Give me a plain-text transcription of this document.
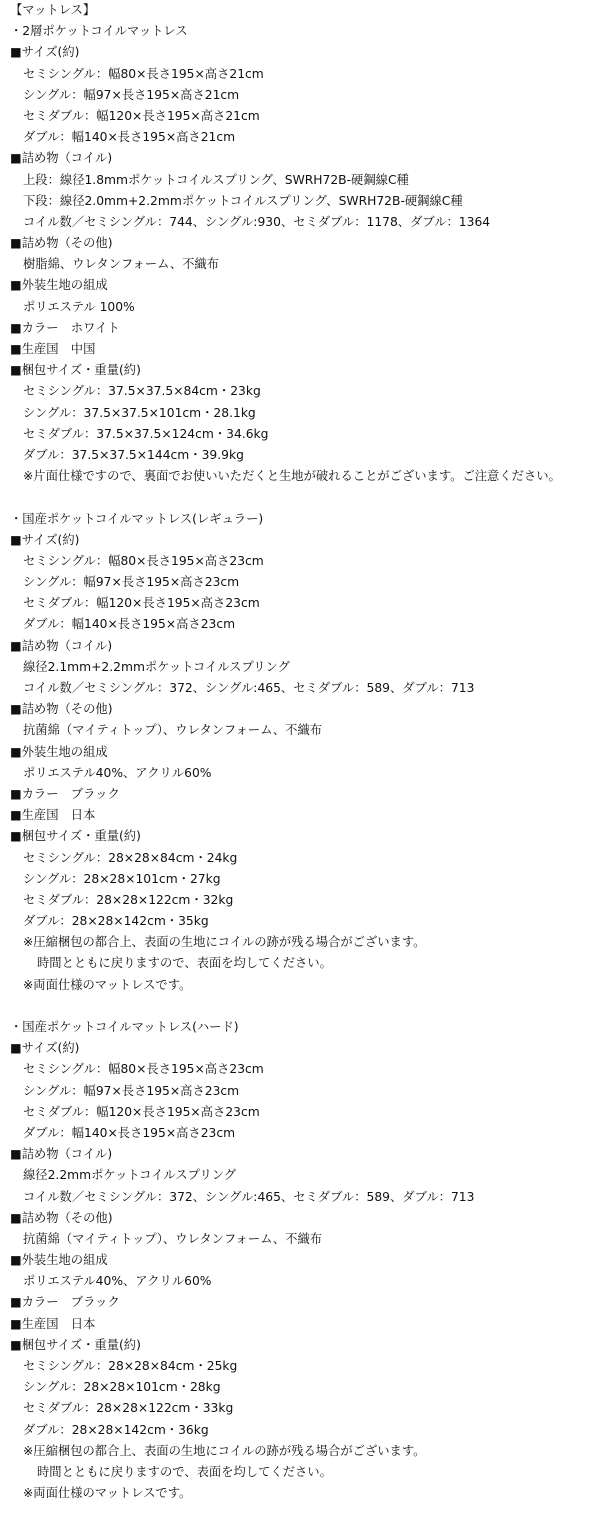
【マットレス】
・2層ポケットコイルマットレス
■サイズ(約)
セミシングル：幅80×長さ195×高さ21cm
シングル：幅97×長さ195×高さ21cm
セミダブル：幅120×長さ195×高さ21cm
ダブル：幅140×長さ195×高さ21cm
■詰め物（コイル)
上段：線径1.8mmポケットコイルスプリング、SWRH72B-硬鋼線C種
下段：線径2.0mm+2.2mmポケットコイルスプリング、SWRH72B-硬鋼線C種
コイル数／セミシングル：744、シングル:930、セミダブル：1178、ダブル：1364
■詰め物（その他)
樹脂綿、ウレタンフォーム、不織布
■外装生地の組成
ポリエステル 100%
■カラー　ホワイト
■生産国　中国
■梱包サイズ・重量(約)
セミシングル：37.5×37.5×84cm・23kg
シングル：37.5×37.5×101cm・28.1kg
セミダブル：37.5×37.5×124cm・34.6kg
ダブル：37.5×37.5×144cm・39.9kg
※片面仕様ですので、裏面でお使いいただくと生地が破れることがございます。ご注意ください。
・国産ポケットコイルマットレス(レギュラー)
■サイズ(約)
セミシングル：幅80×長さ195×高さ23cm
シングル：幅97×長さ195×高さ23cm
セミダブル：幅120×長さ195×高さ23cm
ダブル：幅140×長さ195×高さ23cm
■詰め物（コイル)
線径2.1mm+2.2mmポケットコイルスプリング
コイル数／セミシングル：372、シングル:465、セミダブル：589、ダブル：713
■詰め物（その他)
抗菌綿（マイティトップ）、ウレタンフォーム、不織布
■外装生地の組成
ポリエステル40%、アクリル60%
■カラー　ブラック
■生産国　日本
■梱包サイズ・重量(約)
セミシングル：28×28×84cm・24kg
シングル：28×28×101cm・27kg
セミダブル：28×28×122cm・32kg
ダブル：28×28×142cm・35kg
※圧縮梱包の都合上、表面の生地にコイルの跡が残る場合がございます。
時間とともに戻りますので、表面を均してください。
※両面仕様のマットレスです。
・国産ポケットコイルマットレス(ハード)
■サイズ(約)
セミシングル：幅80×長さ195×高さ23cm
シングル：幅97×長さ195×高さ23cm
セミダブル：幅120×長さ195×高さ23cm
ダブル：幅140×長さ195×高さ23cm
■詰め物（コイル)
線径2.2mmポケットコイルスプリング
コイル数／セミシングル：372、シングル:465、セミダブル：589、ダブル：713
■詰め物（その他)
抗菌綿（マイティトップ）、ウレタンフォーム、不織布
■外装生地の組成
ポリエステル40%、アクリル60%
■カラー　ブラック
■生産国　日本
■梱包サイズ・重量(約)
セミシングル：28×28×84cm・25kg
シングル：28×28×101cm・28kg
セミダブル：28×28×122cm・33kg
ダブル：28×28×142cm・36kg
※圧縮梱包の都合上、表面の生地にコイルの跡が残る場合がございます。
時間とともに戻りますので、表面を均してください。
※両面仕様のマットレスです。
